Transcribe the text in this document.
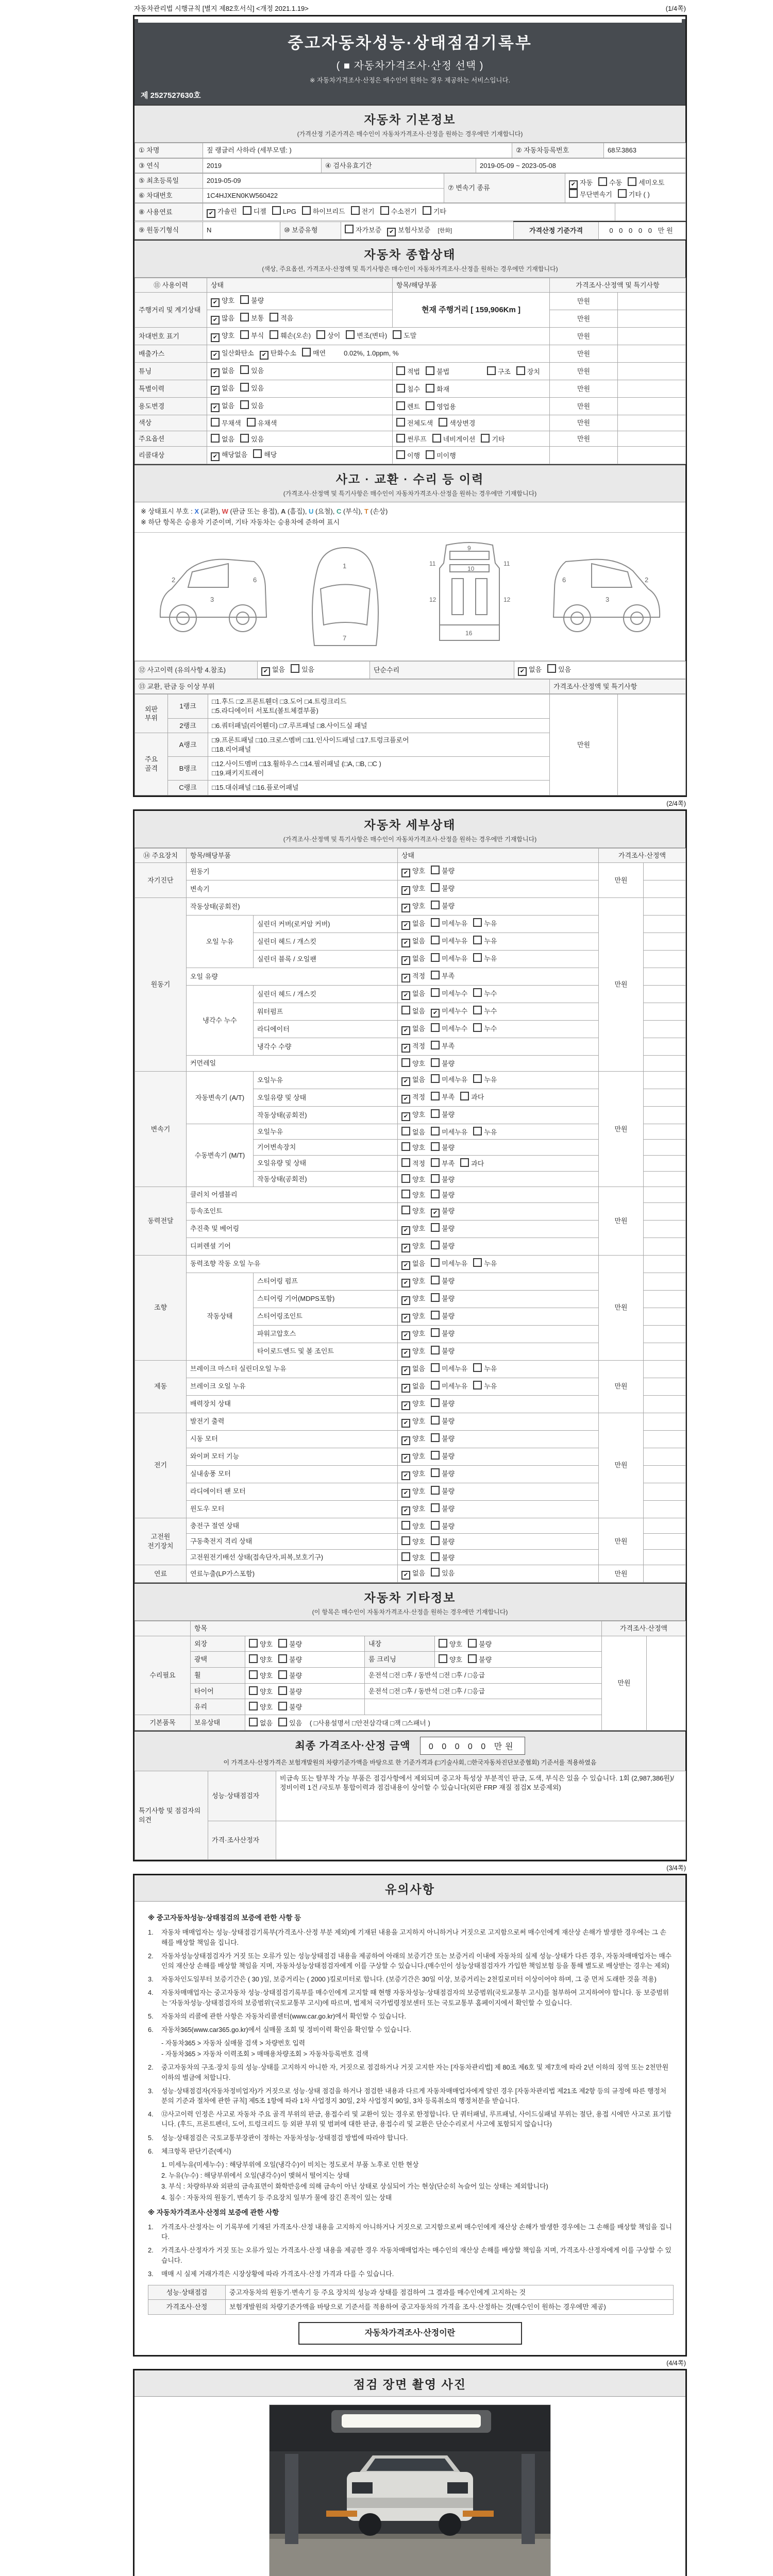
자동차관리법 시행규칙 [별지 제82호서식] <개정 2021.1.19>	(1/4쪽)
중고자동차성능·상태점검기록부
( ■ 자동차가격조사·산정 선택 )
※ 자동차가격조사·산정은 매수인이 원하는 경우 제공하는 서비스입니다.
제 2527527630호
자동차 기본정보
(가격산정 기준가격은 매수인이 자동차가격조사·산정을 원하는 경우에만 기재합니다)
① 차명	짚 랭글러 사하라 (세부모델: )	② 자동차등록번호	68모3863
③ 연식	2019	④ 검사유효기간	2019-05-09 ~ 2023-05-08
⑤ 최초등록일	2019-05-09	⑦ 변속기 종류	✔ 자동 수동 세미오토무단변속기 기타 ( )
⑥ 차대번호	1C4HJXEN0KW560422		
⑧ 사용연료	✔ 가솔린 디젤 LPG 하이브리드 전기 수소전기 기타	
⑨ 원동기형식	N	⑩ 보증유형	자가보증 ✔ 보험사보증 [한화]	가격산정 기준가격	0 0 0 0 0 만원
자동차 종합상태
(색상, 주요옵션, 가격조사·산정액 및 특기사항은 매수인이 자동차가격조사·산정을 원하는 경우에만 기재합니다)
⑪ 사용이력	상태	항목/해당부품	가격조사·산정액 및 특기사항	
주행거리 및 계기상태	✔ 양호 불량	현재 주행거리 [ 159,906Km ]	만원	
	✔ 많음 보통 적음		만원	
차대번호 표기	✔ 양호 부식 훼손(오손) 상이 변조(변타) 도말		만원	
배출가스	✔ 일산화탄소 ✔ 탄화수소 매연 0.02%, 1.0ppm, %		만원	
튜닝	✔ 없음 있음	적법 불법 구조 장치	만원	
특별이력	✔ 없음 있음	침수 화재	만원	
용도변경	✔ 없음 있음	렌트 영업용	만원	
색상	무채색 유채색	전체도색 색상변경	만원	
주요옵션	없음 있음	썬루프 네비게이션 기타	만원	
리콜대상	✔ 해당없음 해당	이행 미이행		
사고 · 교환 · 수리 등 이력
(가격조사·산정액 및 특기사항은 매수인이 자동차가격조사·산정을 원하는 경우에만 기재합니다)
※ 상태표시 부호 : X (교환), W (판금 또는 용접), A (흠집), U (요철), C (부식), T (손상)
※ 하단 항목은 승용차 기준이며, 기타 자동차는 승용차에 준하여 표시
2
3
6
1
7
9
10
11	11
12	12
16
2
3
6
⑫ 사고이력 (유의사항 4.참조)	✔ 없음 있음	단순수리	✔ 없음 있음
⑬ 교환, 판금 등 이상 부위	가격조사·산정액 및 특기사항
외판 부위	1랭크	□1.후드 □2.프론트휀더 □3.도어 □4.트렁크리드
□5.라디에이터 서포트(볼트체결부품)	만원	
	2랭크	□6.쿼터패널(리어휀더) □7.루프패널 □8.사이드실 패널		
주요 골격	A랭크	□9.프론트패널 □10.크로스멤버 □11.인사이드패널 □17.트렁크플로어
□18.리어패널		
	B랭크	□12.사이드멤버 □13.휠하우스 □14.필러패널 (□A, □B, □C )
□19.패키지트레이		
	C랭크	□15.대쉬패널 □16.플로어패널		
(2/4쪽)
자동차 세부상태
(가격조사·산정액 및 특기사항은 매수인이 자동차가격조사·산정을 원하는 경우에만 기재합니다)
⑭ 주요장치	항목/해당부품		상태	가격조사·산정액	
자기진단	원동기		✔ 양호 불량	만원	
	변속기		✔ 양호 불량		
원동기	작동상태(공회전)		✔ 양호 불량	만원	
	오일 누유	실린더 커버(로커암 커버)	✔ 없음 미세누유 누유		
		실린더 헤드 / 개스킷	✔ 없음 미세누유 누유		
		실린더 블록 / 오일팬	✔ 없음 미세누유 누유		
	오일 유량		✔ 적정 부족		
	냉각수 누수	실린더 헤드 / 개스킷	✔ 없음 미세누수 누수		
		워터펌프	없음 ✔ 미세누수 누수		
		라디에이터	✔ 없음 미세누수 누수		
		냉각수 수량	✔ 적정 부족		
	커먼레일		양호 불량		
변속기	자동변속기 (A/T)	오일누유	✔ 없음 미세누유 누유	만원	
		오일유량 및 상태	✔ 적정 부족 과다		
		작동상태(공회전)	✔ 양호 불량		
	수동변속기 (M/T)	오일누유	없음 미세누유 누유		
		기어변속장치	양호 불량		
		오일유량 및 상태	적정 부족 과다		
		작동상태(공회전)	양호 불량		
동력전달	클러치 어셈블리		양호 불량	만원	
	등속조인트		양호 ✔ 불량		
	추진축 및 베어링		✔ 양호 불량		
	디퍼렌셜 기어		✔ 양호 불량		
조향	동력조향 작동 오일 누유		✔ 없음 미세누유 누유	만원	
	작동상태	스티어링 펌프	✔ 양호 불량		
		스티어링 기어(MDPS포함)	✔ 양호 불량		
		스티어링조인트	✔ 양호 불량		
		파워고압호스	✔ 양호 불량		
		타이로드엔드 및 볼 조인트	✔ 양호 불량		
제동	브레이크 마스터 실린더오일 누유		✔ 없음 미세누유 누유	만원	
	브레이크 오일 누유		✔ 없음 미세누유 누유		
	배력장치 상태		✔ 양호 불량		
전기	발전기 출력		✔ 양호 불량	만원	
	시동 모터		✔ 양호 불량		
	와이퍼 모터 기능		✔ 양호 불량		
	실내송풍 모터		✔ 양호 불량		
	라디에이터 팬 모터		✔ 양호 불량		
	윈도우 모터		✔ 양호 불량		
고전원 전기장치	충전구 절연 상태		양호 불량	만원	
	구동축전지 격리 상태		양호 불량		
	고전원전기배선 상태(접속단자,피복,보호기구)		양호 불량		
연료	연료누출(LP가스포함)		✔ 없음 있음	만원	
자동차 기타정보
(이 항목은 매수인이 자동차가격조사·산정을 원하는 경우에만 기재합니다)
	항목				가격조사·산정액	
수리필요	외장	양호 불량	내장	양호 불량	만원	
	광택	양호 불량	룸 크리닝	양호 불량		
	휠	양호 불량	운전석 □전 □후 / 동반석 □전 □후 / □응급			
	타이어	양호 불량	운전석 □전 □후 / 동반석 □전 □후 / □응급			
	유리	양호 불량				
기본품목	보유상태	없음 있음 ( □사용설명서 □안전삼각대 □잭 □스패너 )				
최종 가격조사·산정 금액 0 0 0 0 0 만원
이 가격조사·산정가격은 보험개발원의 차량기준가액을 바탕으로 한 기준가격과 (□기술사회, □한국자동차진단보증협회) 기준서를 적용하였음
특기사항 및 점검자의 의견	성능·상태점검자	비금속 또는 탈부착 가능 부품은 점검사항에서 제외되며 중고차 특성상 부분적인 판금, 도색, 부식은 있을 수 있습니다. 1회 (2,987,386원)/ 정비이력 1건 /국토부 통합이력과 점검내용이 상이할 수 있습니다(외판 FRP 재질 점검X 보증제외)
	가격·조사산정자	
(3/4쪽)
유의사항
※ 중고자동차성능·상태점검의 보증에 관한 사항 등
1.	자동차 매매업자는 성능·상태점검기록부(가격조사·산정 부분 제외)에 기재된 내용을 고지하지 아니하거나 거짓으로 고지함으로써 매수인에게 재산상 손해가 발생한 경우에는 그 손해를 배상할 책임을 집니다.
2.	자동차성능상태점검자가 거짓 또는 오류가 있는 성능상태점검 내용을 제공하여 아래의 보증기간 또는 보증거리 이내에 자동차의 실제 성능·상태가 다른 경우, 자동차매매업자는 매수인의 재산상 손해를 배상할 책임을 지며, 자동차성능상태점검자에게 이를 구상할 수 있습니다.(매수인이 성능상태점검자가 가입한 책임보험 등을 통해 별도로 배상받는 경우는 제외)
3.	자동차인도일부터 보증기간은 ( 30 )일, 보증거리는 ( 2000 )킬로미터로 합니다. (보증기간은 30일 이상, 보증거리는 2천킬로미터 이상이어야 하며, 그 중 먼저 도래한 것을 적용)
4.	자동차매매업자는 중고자동차 성능·상태점검기록부를 매수인에게 고지할 때 현행 자동차성능·상태점검자의 보증범위(국토교통부 고시)를 첨부하여 고지하여야 합니다. 동 보증범위는 '자동차성능·상태점검자의 보증범위'(국토교통부 고시)에 따르며, 법제처 국가법령정보센터 또는 국토교통부 홈페이지에서 확인할 수 있습니다.
5.	자동차의 리콜에 관한 사항은 자동차리콜센터(www.car.go.kr)에서 확인할 수 있습니다.
6.	자동차365(www.car365.go.kr)에서 실매물 조회 및 정비이력 확인을 확인할 수 있습니다.
- 자동차365 > 자동차 실매물 검색 > 차량번호 입력
- 자동차365 > 자동차 이력조회 > 매매용차량조회 > 자동차등록번호 검색
2.	중고자동차의 구조·장치 등의 성능·상태를 고지하지 아니한 자, 거짓으로 점검하거나 거짓 고지한 자는 [자동차관리법] 제 80조 제6호 및 제7호에 따라 2년 이하의 징역 또는 2천만원 이하의 벌금에 처합니다.
3.	성능·상태점검자(자동차정비업자)가 거짓으로 성능·상태 점검을 하거나 점검한 내용과 다르게 자동차매매업자에게 알린 경우 [자동차관리법 제21조 제2항 등의 규정에 따른 행정처분의 기준과 절차에 관한 규칙] 제5조 1항에 따라 1차 사업정지 30일, 2차 사업정지 90일, 3차 등록취소의 행정처분을 받습니다.
4.	⑫사고이력 인정은 사고로 자동차 주요 골격 부위의 판금, 용접수리 및 교환이 있는 경우로 한정합니다. 단 쿼터패널, 루프패널, 사이드실패널 부위는 절단, 용접 시에만 사고로 표기합니다. (후드, 프론트펜더, 도어, 트렁크리드 등 외판 부위 및 범퍼에 대한 판금, 용접수리 및 교환은 단순수리로서 사고에 포함되지 않습니다)
5.	성능·상태점검은 국토교통부장관이 정하는 자동차성능·상태점검 방법에 따라야 합니다.
6.	체크항목 판단기준(예시)
1. 미세누유(미세누수) : 해당부위에 오일(냉각수)이 비치는 정도로서 부품 노후로 인한 현상
2. 누유(누수) : 해당부위에서 오일(냉각수)이 맺혀서 떨어지는 상태
3. 부식 : 차량하부와 외판의 금속표면이 화학반응에 의해 금속이 아닌 상태로 상실되어 가는 현상(단순히 녹슬어 있는 상태는 제외합니다)
4. 침수 : 자동차의 원동기, 변속기 등 주요장치 일부가 물에 잠긴 흔적이 있는 상태
※ 자동차가격조사·산정의 보증에 관한 사항
1.	가격조사·산정자는 이 기록부에 기재된 가격조사·산정 내용을 고지하지 아니하거나 거짓으로 고지함으로써 매수인에게 재산상 손해가 발생한 경우에는 그 손해를 배상할 책임을 집니다.
2.	가격조사·산정자가 거짓 또는 오류가 있는 가격조사·산정 내용을 제공한 경우 자동차매매업자는 매수인의 재산상 손해를 배상할 책임을 지며, 가격조사·산정자에게 이를 구상할 수 있습니다.
3.	매매 시 실제 거래가격은 시장상황에 따라 가격조사·산정 가격과 다를 수 있습니다.
성능·상태점검	중고자동차의 원동기·변속기 등 주요 장치의 성능과 상태를 점검하여 그 결과를 매수인에게 고지하는 것
가격조사·산정	보험개발원의 차량기준가액을 바탕으로 기준서를 적용하여 중고자동차의 가격을 조사·산정하는 것(매수인이 원하는 경우에만 제공)
자동차가격조사·산정이란
(4/4쪽)
점검 장면 촬영 사진
